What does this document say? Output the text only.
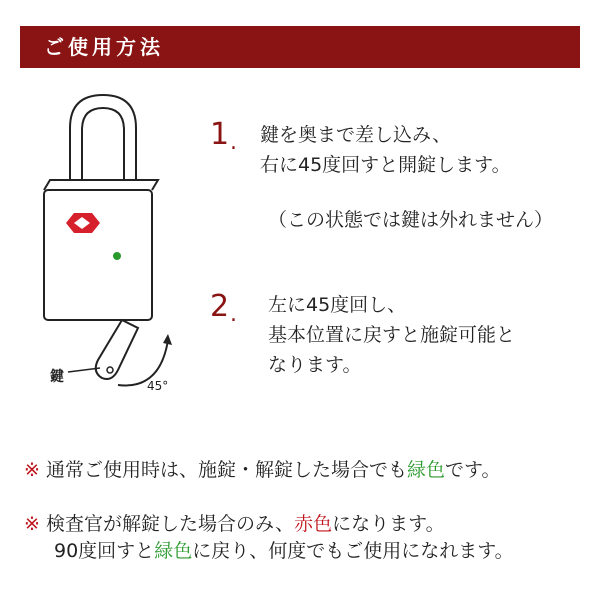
ご使用方法
鍵
45°
1 . 鍵を奥まで差し込み、
右に45度回すと開錠します。
（この状態では鍵は外れません）
2 . 左に45度回し、
基本位置に戻すと施錠可能と
なります。
※ 通常ご使用時は、施錠・解錠した場合でも緑色です。
※ 検査官が解錠した場合のみ、赤色になります。
90度回すと緑色に戻り、何度でもご使用になれます。
